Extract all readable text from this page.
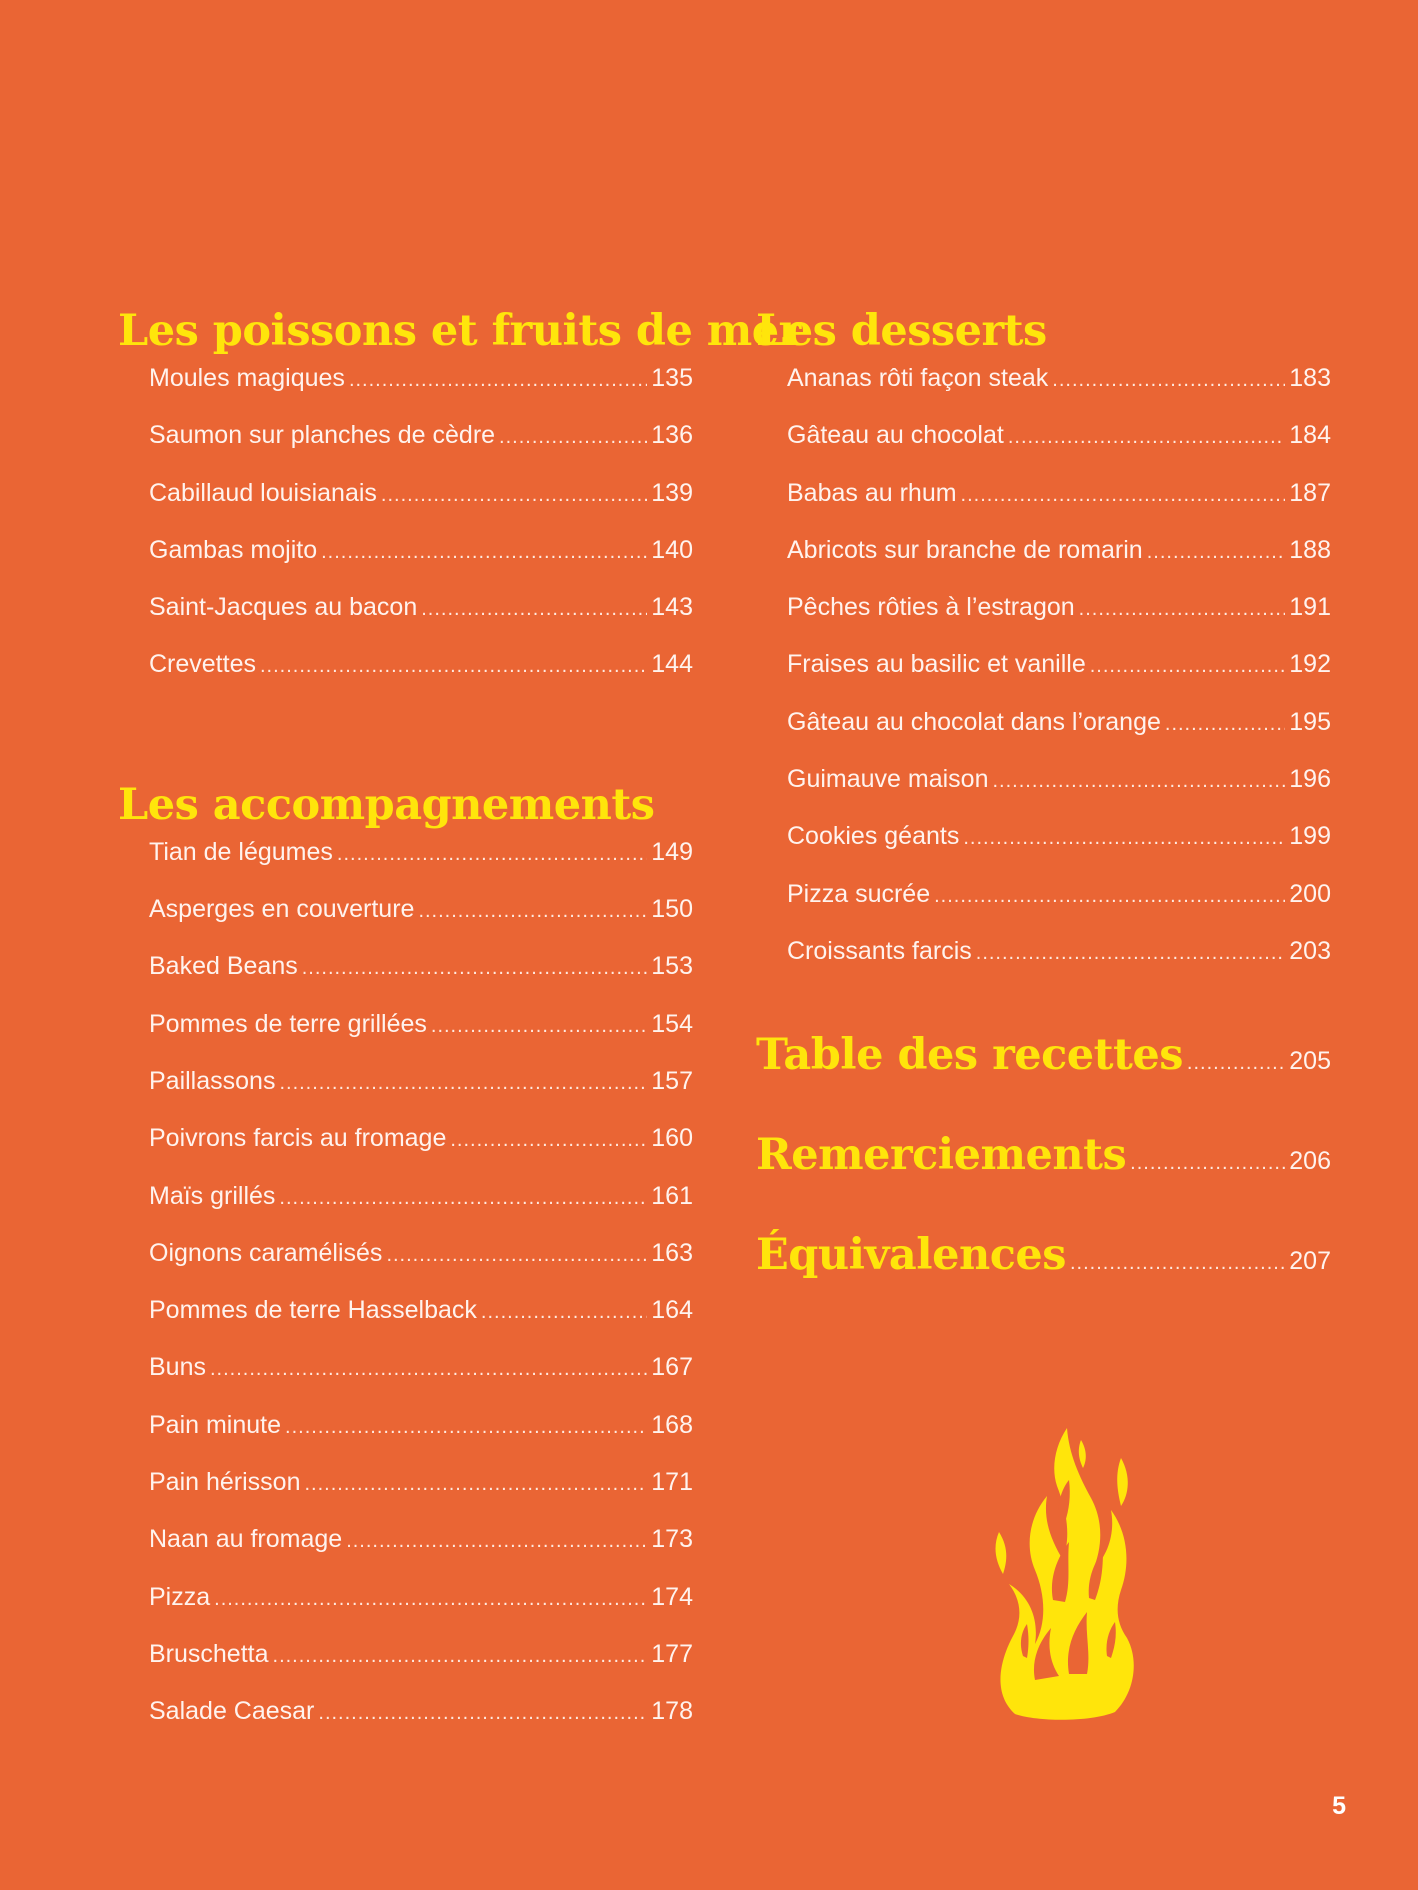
Les poissons et fruits de mer
Moules magiques .....	135
Saumon sur planches de cèdre .....	136
Cabillaud louisianais .....	139
Gambas mojito .....	140
Saint-Jacques au bacon .....	143
Crevettes .....	144
Les accompagnements
Tian de légumes .....	149
Asperges en couverture .....	150
Baked Beans .....	153
Pommes de terre grillées .....	154
Paillassons .....	157
Poivrons farcis au fromage .....	160
Maïs grillés .....	161
Oignons caramélisés .....	163
Pommes de terre Hasselback .....	164
Buns .....	167
Pain minute .....	168
Pain hérisson .....	171
Naan au fromage .....	173
Pizza .....	174
Bruschetta .....	177
Salade Caesar .....	178
Les desserts
Ananas rôti façon steak .....	183
Gâteau au chocolat .....	184
Babas au rhum .....	187
Abricots sur branche de romarin .....	188
Pêches rôties à l’estragon .....	191
Fraises au basilic et vanille .....	192
Gâteau au chocolat dans l’orange .....	195
Guimauve maison .....	196
Cookies géants .....	199
Pizza sucrée .....	200
Croissants farcis .....	203
Table des recettes .....	205
Remerciements .....	206
Équivalences .....	207
5
